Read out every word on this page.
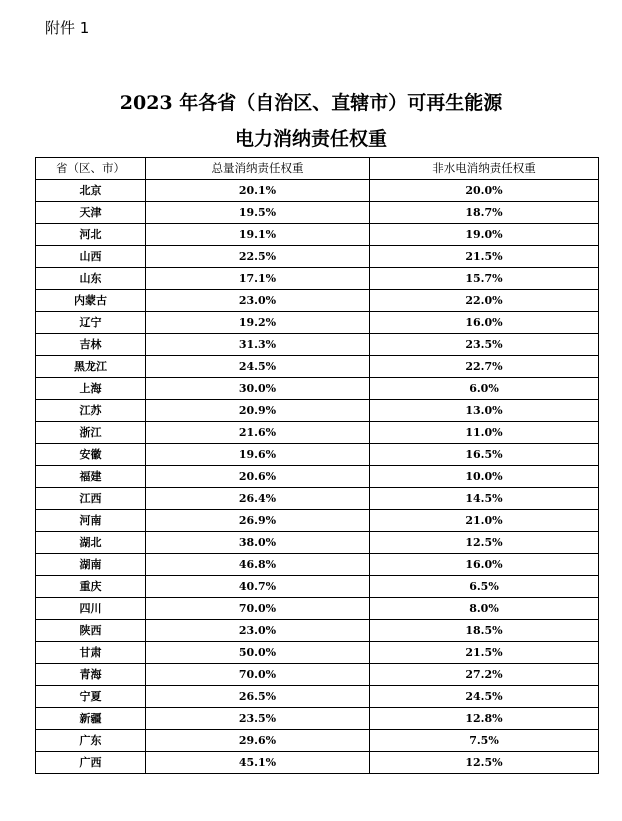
附件 1
2023 年各省（自治区、直辖市）可再生能源
电力消纳责任权重
省（区、市）	总量消纳责任权重	非水电消纳责任权重
北京	20.1%	20.0%
天津	19.5%	18.7%
河北	19.1%	19.0%
山西	22.5%	21.5%
山东	17.1%	15.7%
内蒙古	23.0%	22.0%
辽宁	19.2%	16.0%
吉林	31.3%	23.5%
黑龙江	24.5%	22.7%
上海	30.0%	6.0%
江苏	20.9%	13.0%
浙江	21.6%	11.0%
安徽	19.6%	16.5%
福建	20.6%	10.0%
江西	26.4%	14.5%
河南	26.9%	21.0%
湖北	38.0%	12.5%
湖南	46.8%	16.0%
重庆	40.7%	6.5%
四川	70.0%	8.0%
陕西	23.0%	18.5%
甘肃	50.0%	21.5%
青海	70.0%	27.2%
宁夏	26.5%	24.5%
新疆	23.5%	12.8%
广东	29.6%	7.5%
广西	45.1%	12.5%
